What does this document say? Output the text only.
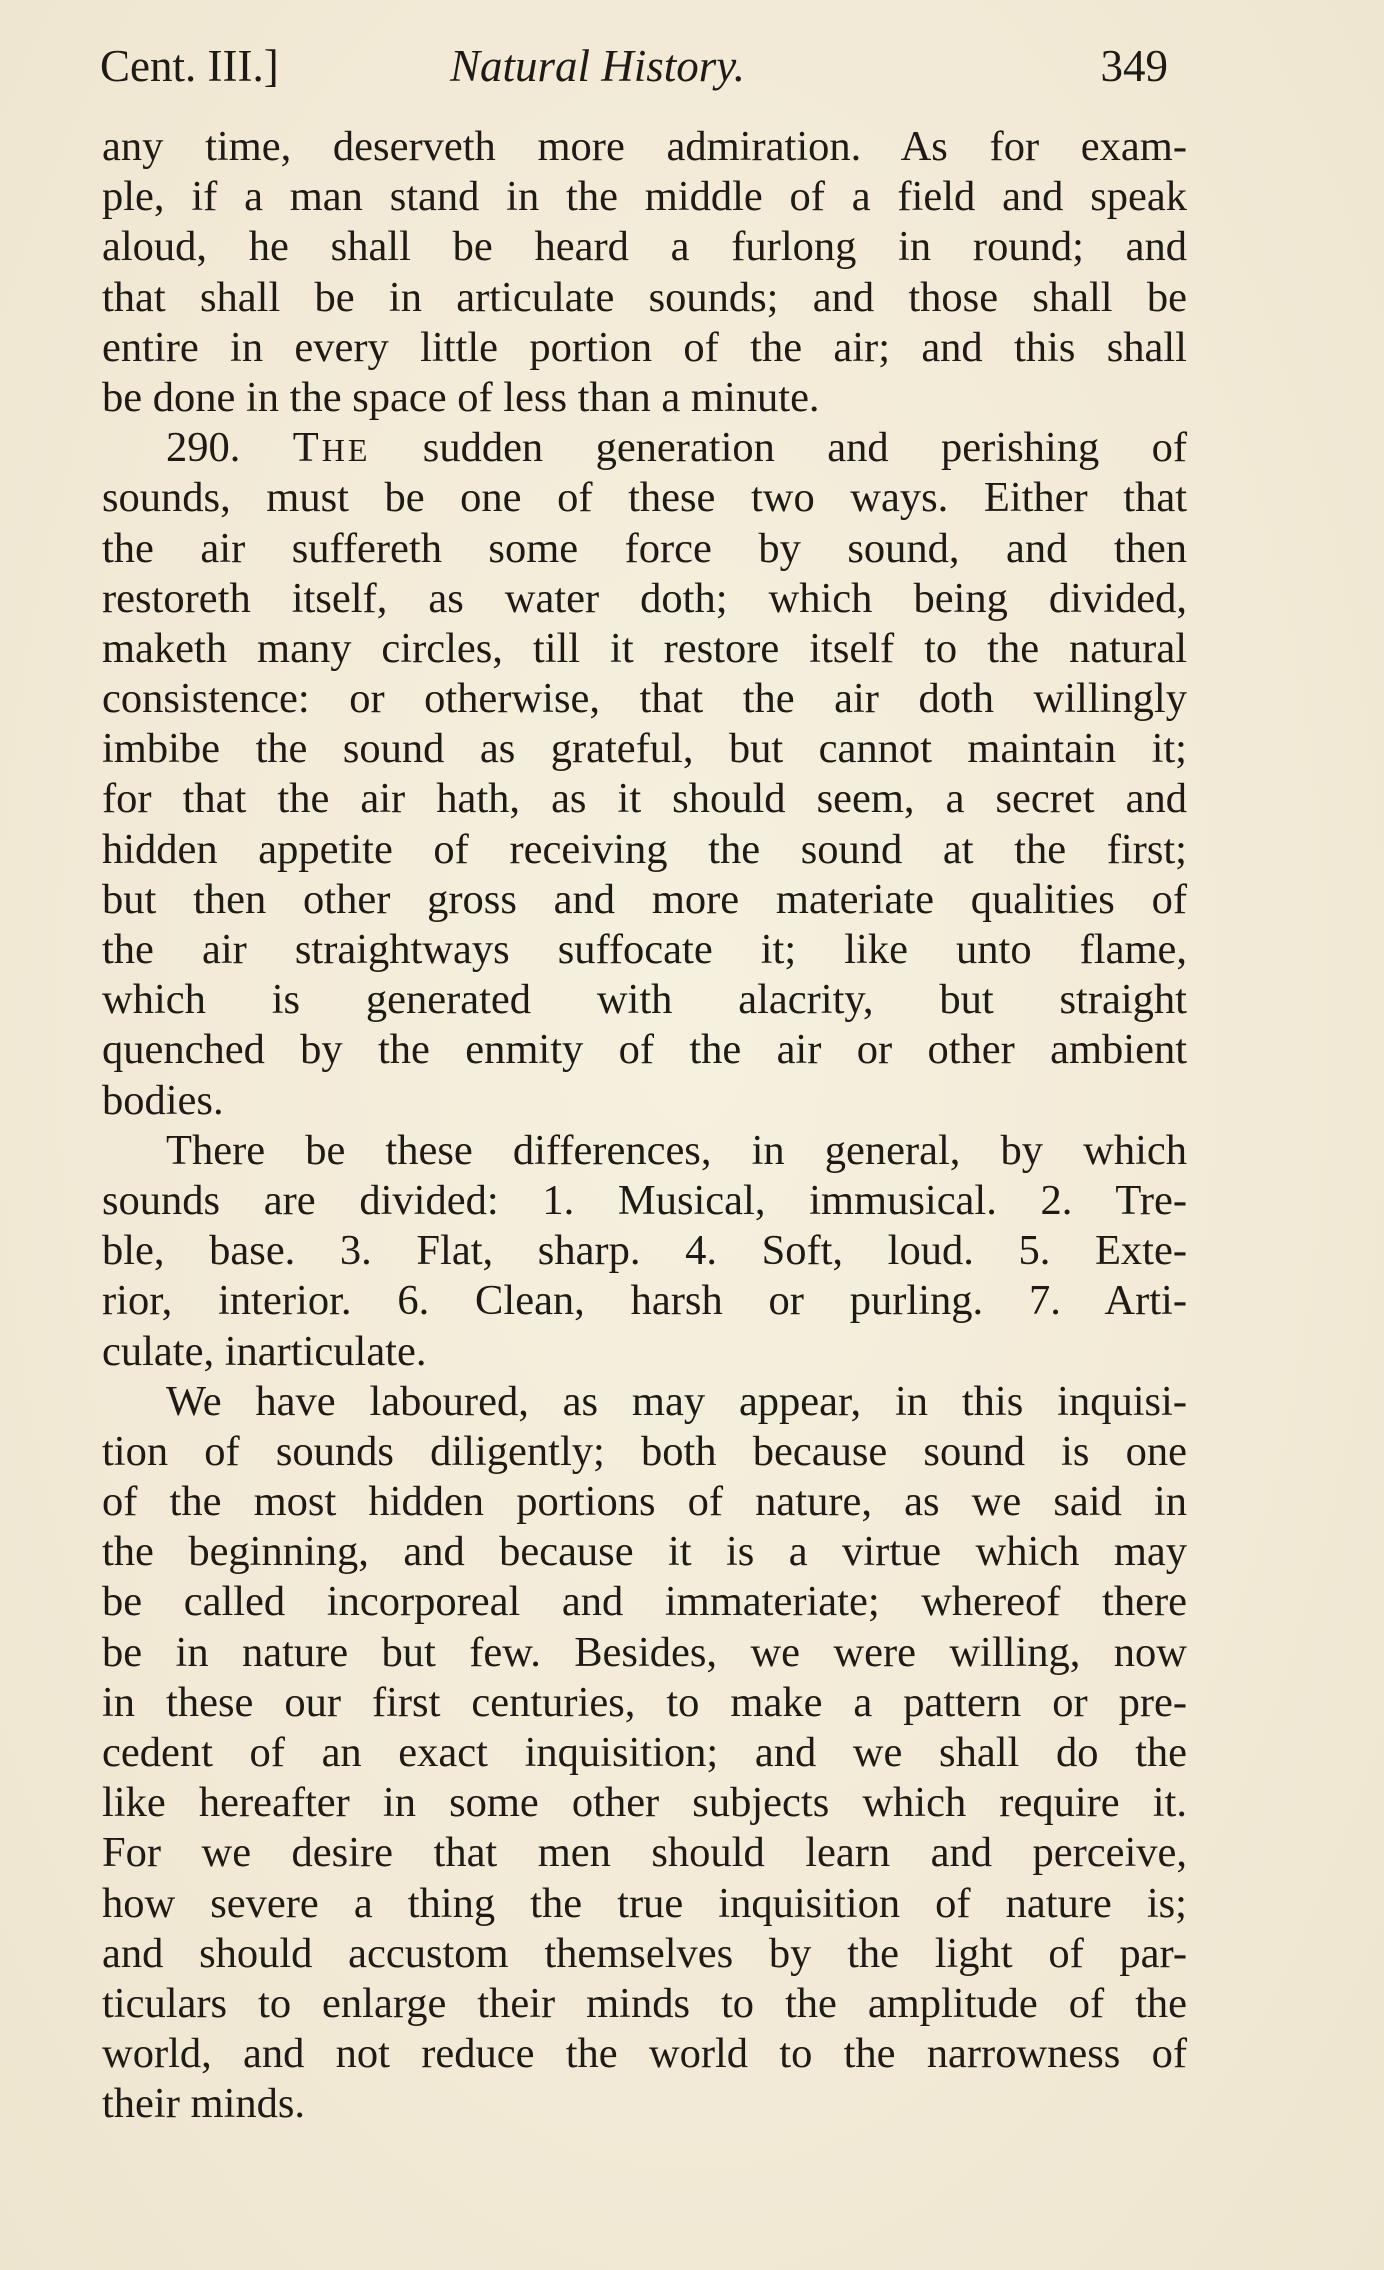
Cent. III.]	Natural History.	349
any time, deserveth more admiration. As for exam-
ple, if a man stand in the middle of a field and speak
aloud, he shall be heard a furlong in round; and
that shall be in articulate sounds; and those shall be
entire in every little portion of the air; and this shall
be done in the space of less than a minute.
290. THE sudden generation and perishing of
sounds, must be one of these two ways. Either that
the air suffereth some force by sound, and then
restoreth itself, as water doth; which being divided,
maketh many circles, till it restore itself to the natural
consistence: or otherwise, that the air doth willingly
imbibe the sound as grateful, but cannot maintain it;
for that the air hath, as it should seem, a secret and
hidden appetite of receiving the sound at the first;
but then other gross and more materiate qualities of
the air straightways suffocate it; like unto flame,
which is generated with alacrity, but straight
quenched by the enmity of the air or other ambient
bodies.
There be these differences, in general, by which
sounds are divided: 1. Musical, immusical. 2. Tre-
ble, base. 3. Flat, sharp. 4. Soft, loud. 5. Exte-
rior, interior. 6. Clean, harsh or purling. 7. Arti-
culate, inarticulate.
We have laboured, as may appear, in this inquisi-
tion of sounds diligently; both because sound is one
of the most hidden portions of nature, as we said in
the beginning, and because it is a virtue which may
be called incorporeal and immateriate; whereof there
be in nature but few. Besides, we were willing, now
in these our first centuries, to make a pattern or pre-
cedent of an exact inquisition; and we shall do the
like hereafter in some other subjects which require it.
For we desire that men should learn and perceive,
how severe a thing the true inquisition of nature is;
and should accustom themselves by the light of par-
ticulars to enlarge their minds to the amplitude of the
world, and not reduce the world to the narrowness of
their minds.
